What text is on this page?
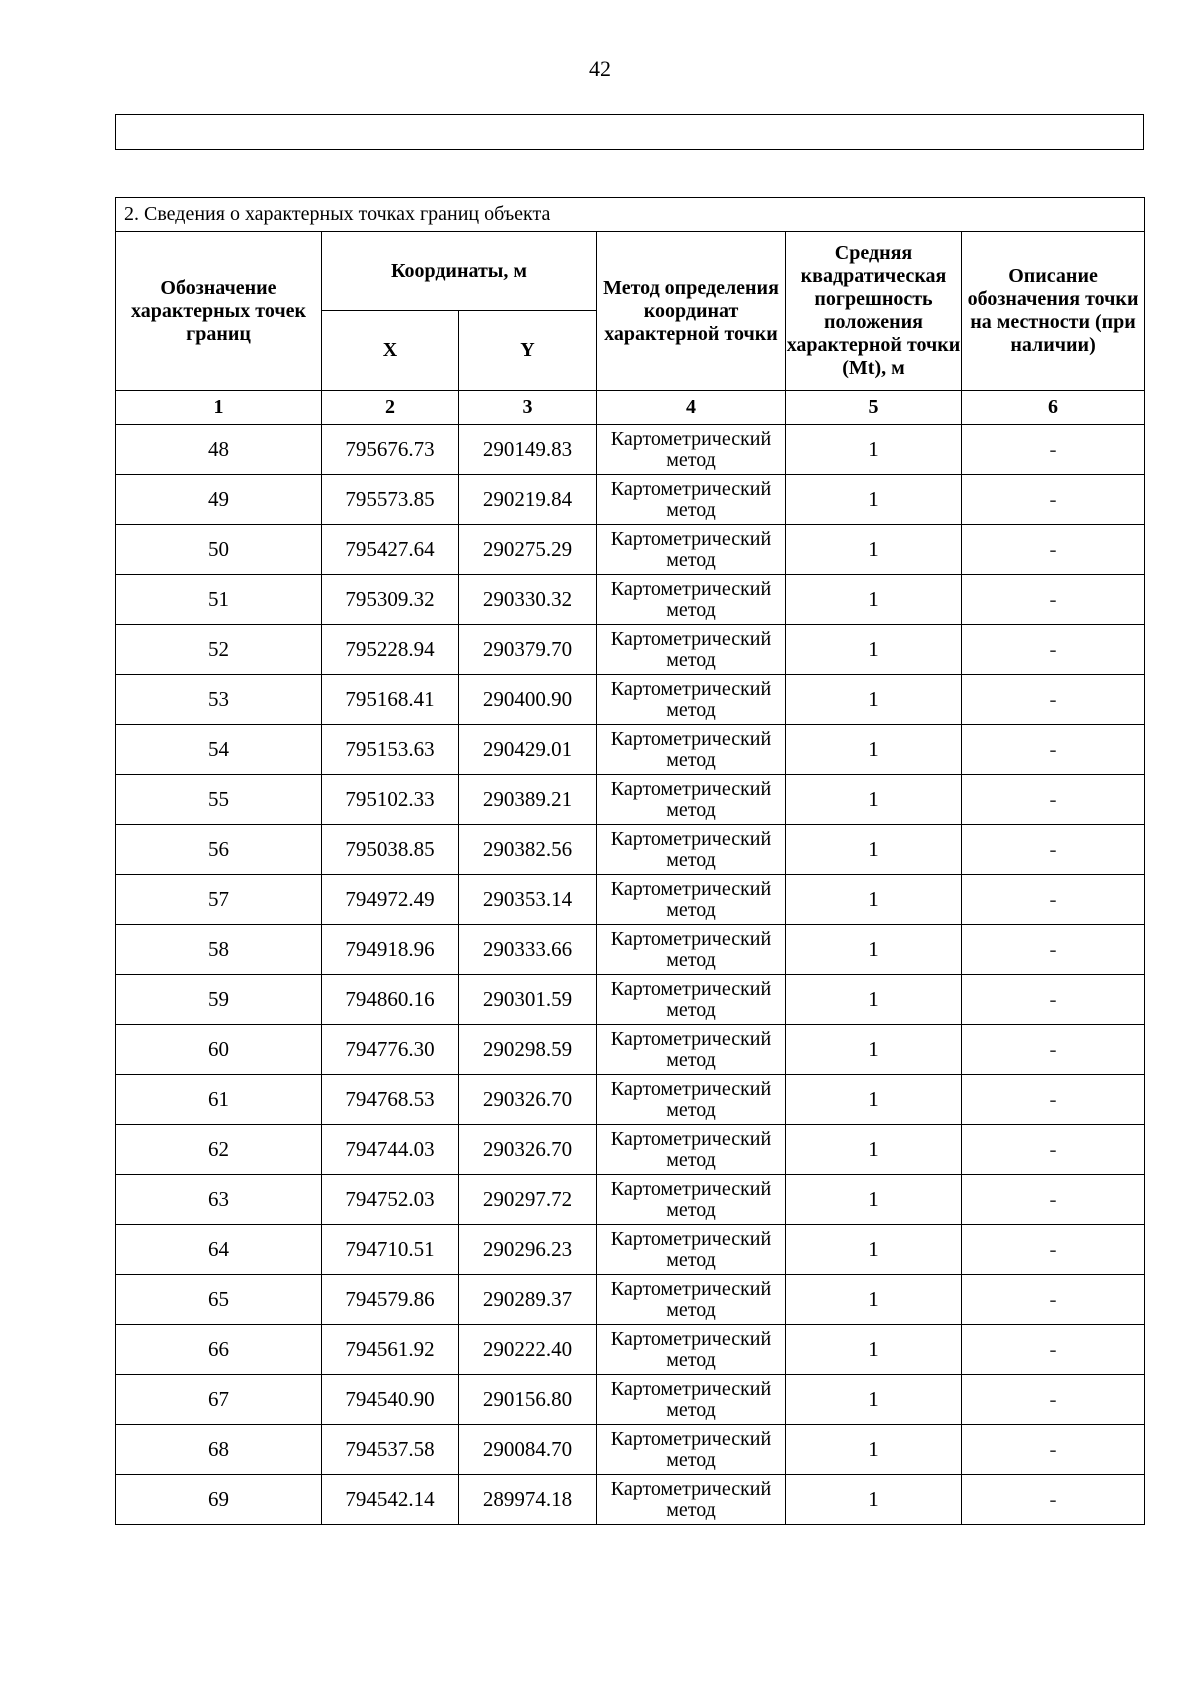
42
2. Сведения о характерных точках границ объекта					
Обозначение характерных точек границ	Координаты, м		Метод определения координат характерной точки	Средняя квадратическая погрешность положения характерной точки (Mt), м	Описание обозначения точки на местности (при наличии)
	X	Y			
1	2	3	4	5	6
48	795676.73	290149.83	Картометрический метод	1	-
49	795573.85	290219.84	Картометрический метод	1	-
50	795427.64	290275.29	Картометрический метод	1	-
51	795309.32	290330.32	Картометрический метод	1	-
52	795228.94	290379.70	Картометрический метод	1	-
53	795168.41	290400.90	Картометрический метод	1	-
54	795153.63	290429.01	Картометрический метод	1	-
55	795102.33	290389.21	Картометрический метод	1	-
56	795038.85	290382.56	Картометрический метод	1	-
57	794972.49	290353.14	Картометрический метод	1	-
58	794918.96	290333.66	Картометрический метод	1	-
59	794860.16	290301.59	Картометрический метод	1	-
60	794776.30	290298.59	Картометрический метод	1	-
61	794768.53	290326.70	Картометрический метод	1	-
62	794744.03	290326.70	Картометрический метод	1	-
63	794752.03	290297.72	Картометрический метод	1	-
64	794710.51	290296.23	Картометрический метод	1	-
65	794579.86	290289.37	Картометрический метод	1	-
66	794561.92	290222.40	Картометрический метод	1	-
67	794540.90	290156.80	Картометрический метод	1	-
68	794537.58	290084.70	Картометрический метод	1	-
69	794542.14	289974.18	Картометрический метод	1	-
